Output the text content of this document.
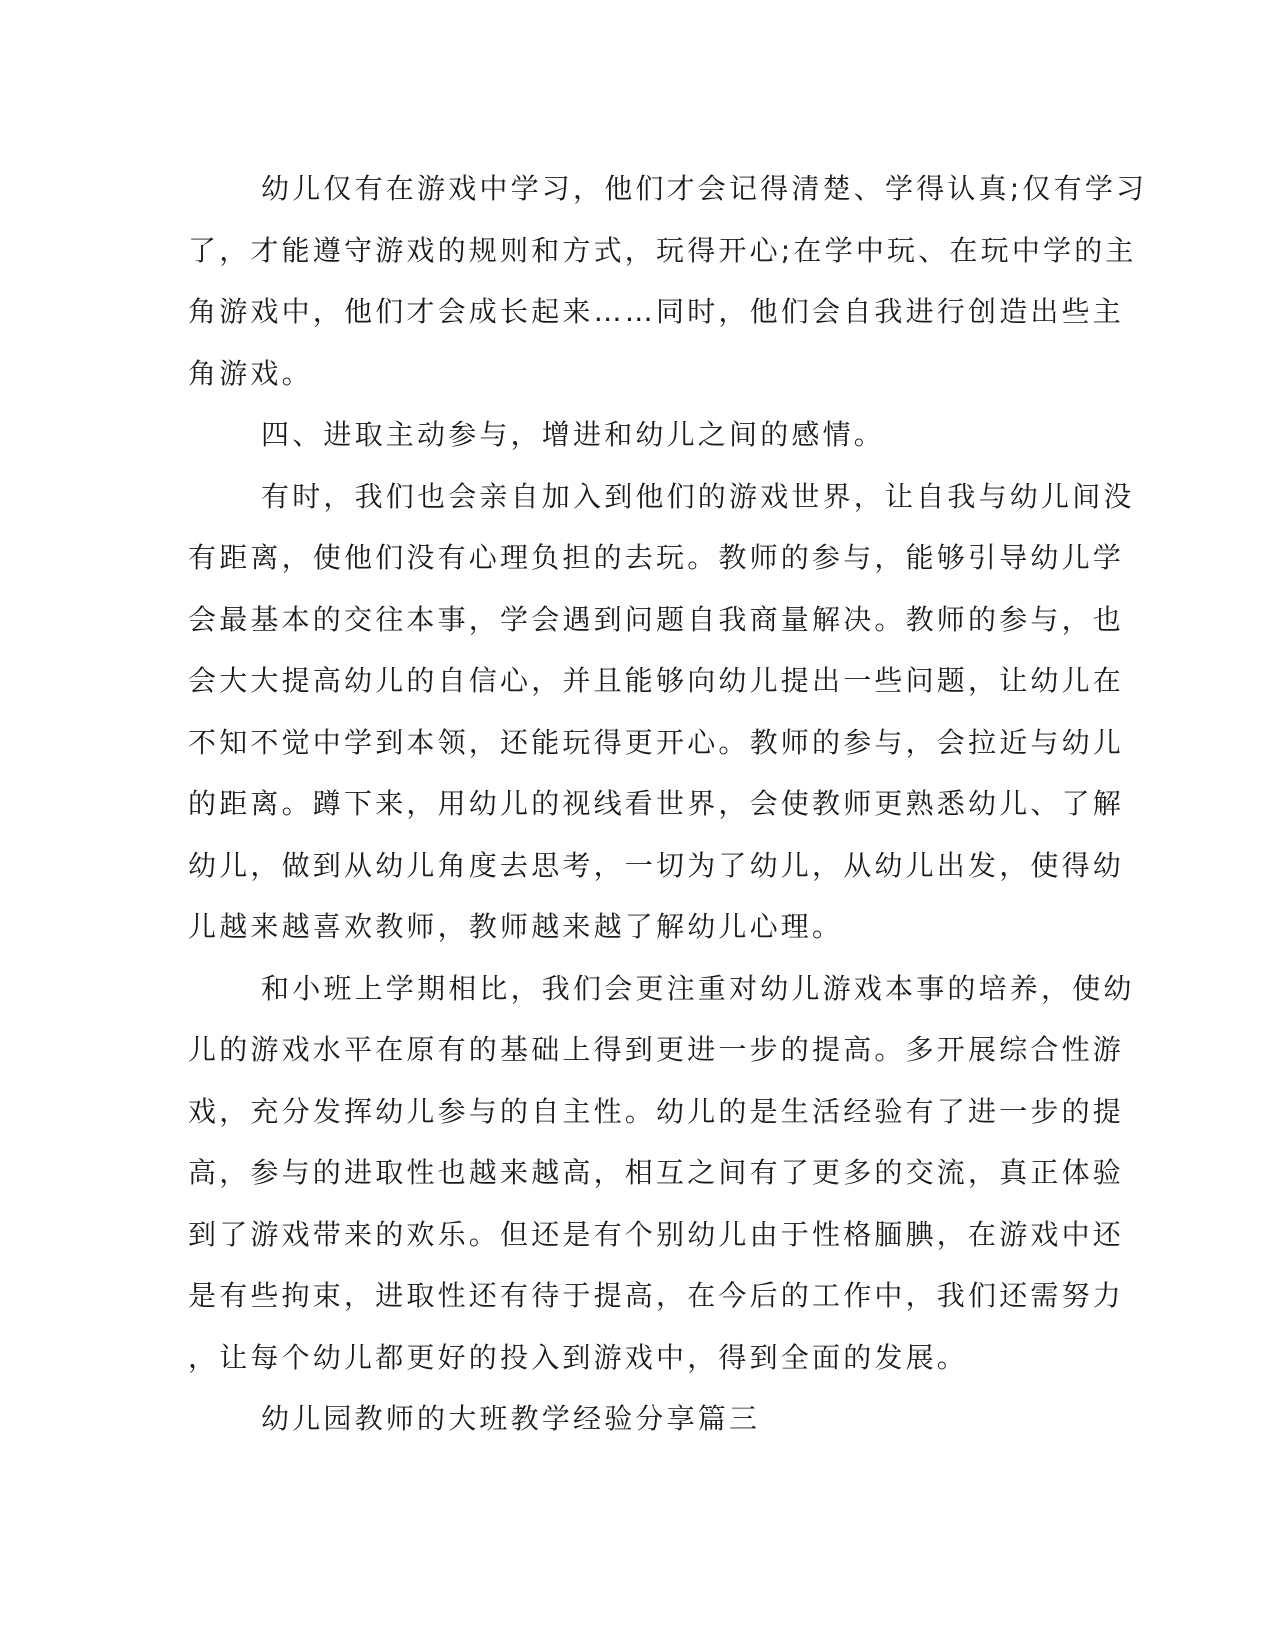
幼儿仅有在游戏中学习，他们才会记得清楚、学得认真;仅有学习
了，才能遵守游戏的规则和方式，玩得开心;在学中玩、在玩中学的主
角游戏中，他们才会成长起来……同时，他们会自我进行创造出些主
角游戏。
四、进取主动参与，增进和幼儿之间的感情。
有时，我们也会亲自加入到他们的游戏世界，让自我与幼儿间没
有距离，使他们没有心理负担的去玩。教师的参与，能够引导幼儿学
会最基本的交往本事，学会遇到问题自我商量解决。教师的参与，也
会大大提高幼儿的自信心，并且能够向幼儿提出一些问题，让幼儿在
不知不觉中学到本领，还能玩得更开心。教师的参与，会拉近与幼儿
的距离。蹲下来，用幼儿的视线看世界，会使教师更熟悉幼儿、了解
幼儿，做到从幼儿角度去思考，一切为了幼儿，从幼儿出发，使得幼
儿越来越喜欢教师，教师越来越了解幼儿心理。
和小班上学期相比，我们会更注重对幼儿游戏本事的培养，使幼
儿的游戏水平在原有的基础上得到更进一步的提高。多开展综合性游
戏，充分发挥幼儿参与的自主性。幼儿的是生活经验有了进一步的提
高，参与的进取性也越来越高，相互之间有了更多的交流，真正体验
到了游戏带来的欢乐。但还是有个别幼儿由于性格腼腆，在游戏中还
是有些拘束，进取性还有待于提高，在今后的工作中，我们还需努力
，让每个幼儿都更好的投入到游戏中，得到全面的发展。
幼儿园教师的大班教学经验分享篇三
